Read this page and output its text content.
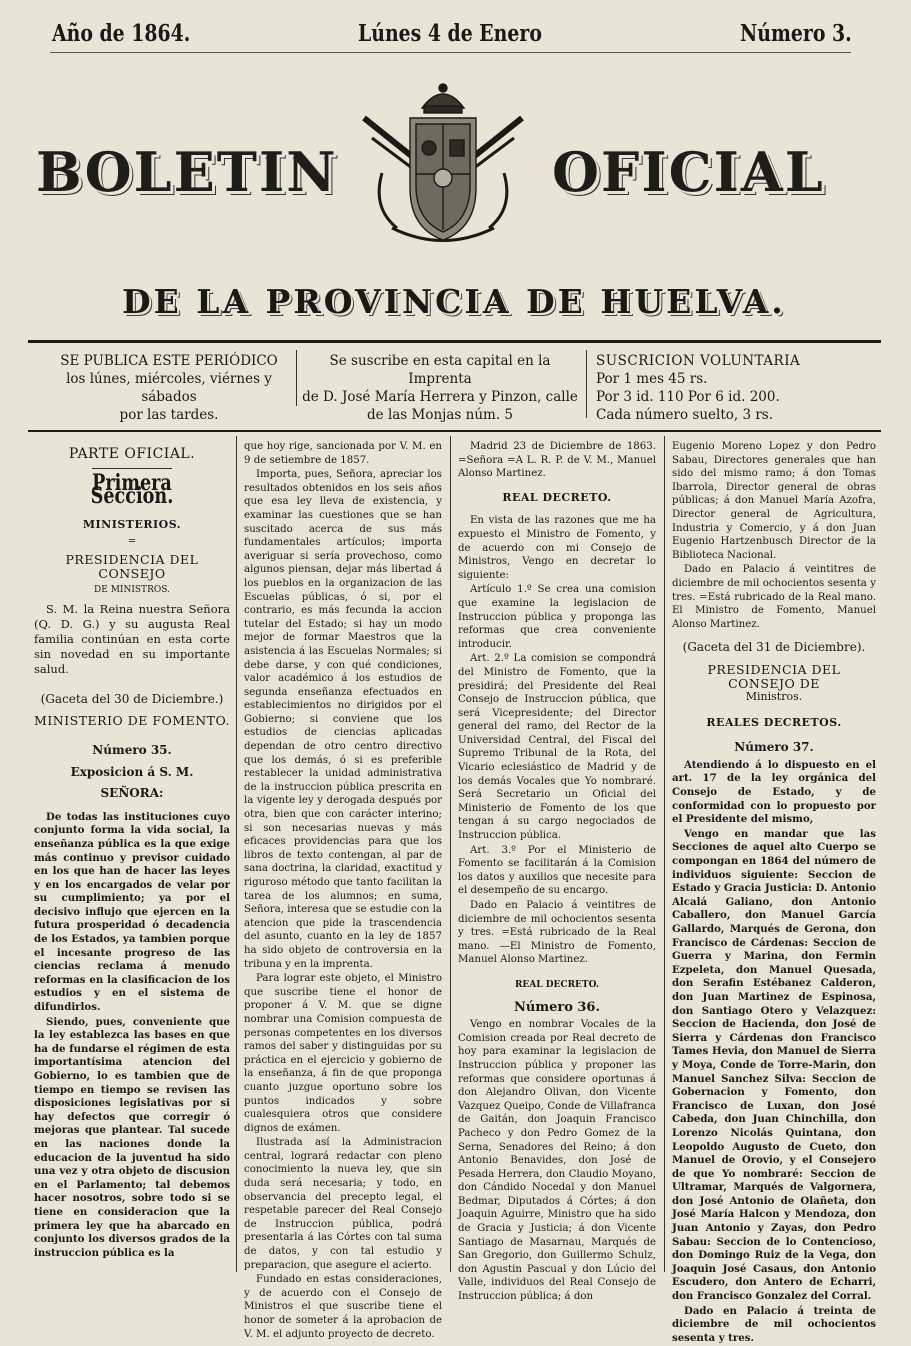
Año de 1864.	Lúnes 4 de Enero	Número 3.
BOLETIN	OFICIAL
DE LA PROVINCIA DE HUELVA.
SE PUBLICA ESTE PERIÓDICO
los lúnes, miércoles, viérnes y sábados
por las tardes.
Se suscribe en esta capital en la Imprenta
de D. José María Herrera y Pinzon, calle
de las Monjas núm. 5
SUSCRICION VOLUNTARIA
Por 1 mes 45 rs.
Por 3 id. 110 Por 6 id. 200.
Cada número suelto, 3 rs.
PARTE OFICIAL.
Primera Seccion.
MINISTERIOS.
=
PRESIDENCIA DEL CONSEJO
DE MINISTROS.

S. M. la Reina nuestra Señora (Q. D. G.) y su augusta Real familia continúan en esta corte sin novedad en su importante salud.

(Gaceta del 30 de Diciembre.)
MINISTERIO DE FOMENTO.
Número 35.
Exposicion á S. M.
SEÑORA:

De todas las instituciones cuyo conjunto forma la vida social, la enseñanza pública es la que exige más continuo y previsor cuidado en los que han de hacer las leyes y en los encargados de velar por su cumplimiento; ya por el decisivo influjo que ejercen en la futura prosperidad ó decadencia de los Estados, ya tambien porque el incesante progreso de las ciencias reclama á menudo reformas en la clasificacion de los estudios y en el sistema de difundirlos.

Siendo, pues, conveniente que la ley establezca las bases en que ha de fundarse el régimen de esta importantísima atencion del Gobierno, lo es tambien que de tiempo en tiempo se revisen las disposiciones legislativas por si hay defectos que corregir ó mejoras que plantear. Tal sucede en las naciones donde la educacion de la juventud ha sido una vez y otra objeto de discusion en el Parlamento; tal debemos hacer nosotros, sobre todo si se tiene en consideracion que la primera ley que ha abarcado en conjunto los diversos grados de la instruccion pública es la

que hoy rige, sancionada por V. M. en 9 de setiembre de 1857.

Importa, pues, Señora, apreciar los resultados obtenidos en los seis años que esa ley lleva de existencia, y examinar las cuestiones que se han suscitado acerca de sus más fundamentales artículos; importa averiguar si sería provechoso, como algunos piensan, dejar más libertad á los pueblos en la organizacion de las Escuelas públicas, ó si, por el contrario, es más fecunda la accion tutelar del Estado; si hay un modo mejor de formar Maestros que la asistencia á las Escuelas Normales; si debe darse, y con qué condiciones, valor académico á los estudios de segunda enseñanza efectuados en establecimientos no dirigidos por el Gobierno; si conviene que los estudios de ciencias aplicadas dependan de otro centro directivo que los demás, ó si es preferible restablecer la unidad administrativa de la instruccion pública prescrita en la vigente ley y derogada después por otra, bien que con carácter interino; si son necesarias nuevas y más eficaces providencias para que los libros de texto contengan, al par de sana doctrina, la claridad, exactitud y riguroso método que tanto facilitan la tarea de los alumnos; en suma, Señora, interesa que se estudie con la atencion que pide la trascendencia del asunto, cuanto en la ley de 1857 ha sido objeto de controversia en la tribuna y en la imprenta.

Para lograr este objeto, el Ministro que suscribe tiene el honor de proponer á V. M. que se digne nombrar una Comision compuesta de personas competentes en los diversos ramos del saber y distinguidas por su práctica en el ejercicio y gobierno de la enseñanza, á fin de que proponga cuanto juzgue oportuno sobre los puntos indicados y sobre cualesquiera otros que considere dignos de exámen.

Ilustrada así la Administracion central, logrará redactar con pleno conocimiento la nueva ley, que sin duda será necesaria; y todo, en observancia del precepto legal, el respetable parecer del Real Consejo de Instruccion pública, podrá presentarla á las Córtes con tal suma de datos, y con tal estudio y preparacion, que asegure el acierto.

Fundado en estas consideraciones, y de acuerdo con el Consejo de Ministros el que suscribe tiene el honor de someter á la aprobacion de V. M. el adjunto proyecto de decreto.

Madrid 23 de Diciembre de 1863. =Señora =A L. R. P. de V. M., Manuel Alonso Martinez.

REAL DECRETO.

En vista de las razones que me ha expuesto el Ministro de Fomento, y de acuerdo con mi Consejo de Ministros, Vengo en decretar lo siguiente:

Artículo 1.º Se crea una comision que examine la legislacion de Instruccion pública y proponga las reformas que crea conveniente introducir.

Art. 2.º La comision se compondrá del Ministro de Fomento, que la presidirá; del Presidente del Real Consejo de Instruccion pública, que será Vicepresidente; del Director general del ramo, del Rector de la Universidad Central, del Fiscal del Supremo Tribunal de la Rota, del Vicario eclesiástico de Madrid y de los demás Vocales que Yo nombraré. Será Secretario un Oficial del Ministerio de Fomento de los que tengan á su cargo negociados de Instruccion pública.

Art. 3.º Por el Ministerio de Fomento se facilitarán á la Comision los datos y auxilios que necesite para el desempeño de su encargo.

Dado en Palacio á veintitres de diciembre de mil ochocientos sesenta y tres. =Está rubricado de la Real mano. —El Ministro de Fomento, Manuel Alonso Martinez.

REAL DECRETO.
Número 36.

Vengo en nombrar Vocales de la Comision creada por Real decreto de hoy para examinar la legislacion de Instruccion pública y proponer las reformas que considere oportunas á don Alejandro Olivan, don Vicente Vazquez Queipo, Conde de Villafranca de Gaitán, don Joaquin Francisco Pacheco y don Pedro Gomez de la Serna, Senadores del Reino; á don Antonio Benavides, don José de Pesada Herrera, don Claudio Moyano, don Cándido Nocedal y don Manuel Bedmar, Diputados á Córtes; á don Joaquin Aguirre, Ministro que ha sido de Gracia y Justicia; á don Vicente Santiago de Masarnau, Marqués de San Gregorio, don Guillermo Schulz, don Agustin Pascual y don Lúcio del Valle, individuos del Real Consejo de Instruccion pública; á don

Eugenio Moreno Lopez y don Pedro Sabau, Directores generales que han sido del mismo ramo; á don Tomas Ibarrola, Director general de obras públicas; á don Manuel María Azofra, Director general de Agricultura, Industria y Comercio, y á don Juan Eugenio Hartzenbusch Director de la Biblioteca Nacional.

Dado en Palacio á veintitres de diciembre de mil ochocientos sesenta y tres. =Está rubricado de la Real mano. El Ministro de Fomento, Manuel Alonso Martinez.

(Gaceta del 31 de Diciembre).
PRESIDENCIA DEL CONSEJO DE
Ministros.
REALES DECRETOS.
Número 37.

Atendiendo á lo dispuesto en el art. 17 de la ley orgánica del Consejo de Estado, y de conformidad con lo propuesto por el Presidente del mismo,

Vengo en mandar que las Secciones de aquel alto Cuerpo se compongan en 1864 del número de individuos siguiente: Seccion de Estado y Gracia Justicia: D. Antonio Alcalá Galiano, don Antonio Caballero, don Manuel García Gallardo, Marqués de Gerona, don Francisco de Cárdenas: Seccion de Guerra y Marina, don Fermin Ezpeleta, don Manuel Quesada, don Serafin Estébanez Calderon, don Juan Martinez de Espinosa, don Santiago Otero y Velazquez: Seccion de Hacienda, don José de Sierra y Cárdenas don Francisco Tames Hevia, don Manuel de Sierra y Moya, Conde de Torre-Marin, don Manuel Sanchez Silva: Seccion de Gobernacion y Fomento, don Francisco de Luxan, don José Cabeda, don Juan Chinchilla, don Lorenzo Nicolás Quintana, don Leopoldo Augusto de Cueto, don Manuel de Orovio, y el Consejero de que Yo nombraré: Seccion de Ultramar, Marqués de Valgornera, don José Antonio de Olañeta, don José María Halcon y Mendoza, don Juan Antonio y Zayas, don Pedro Sabau: Seccion de lo Contencioso, don Domingo Ruiz de la Vega, don Joaquin José Casaus, don Antonio Escudero, don Antero de Echarri, don Francisco Gonzalez del Corral.

Dado en Palacio á treinta de diciembre de mil ochocientos sesenta y tres.
